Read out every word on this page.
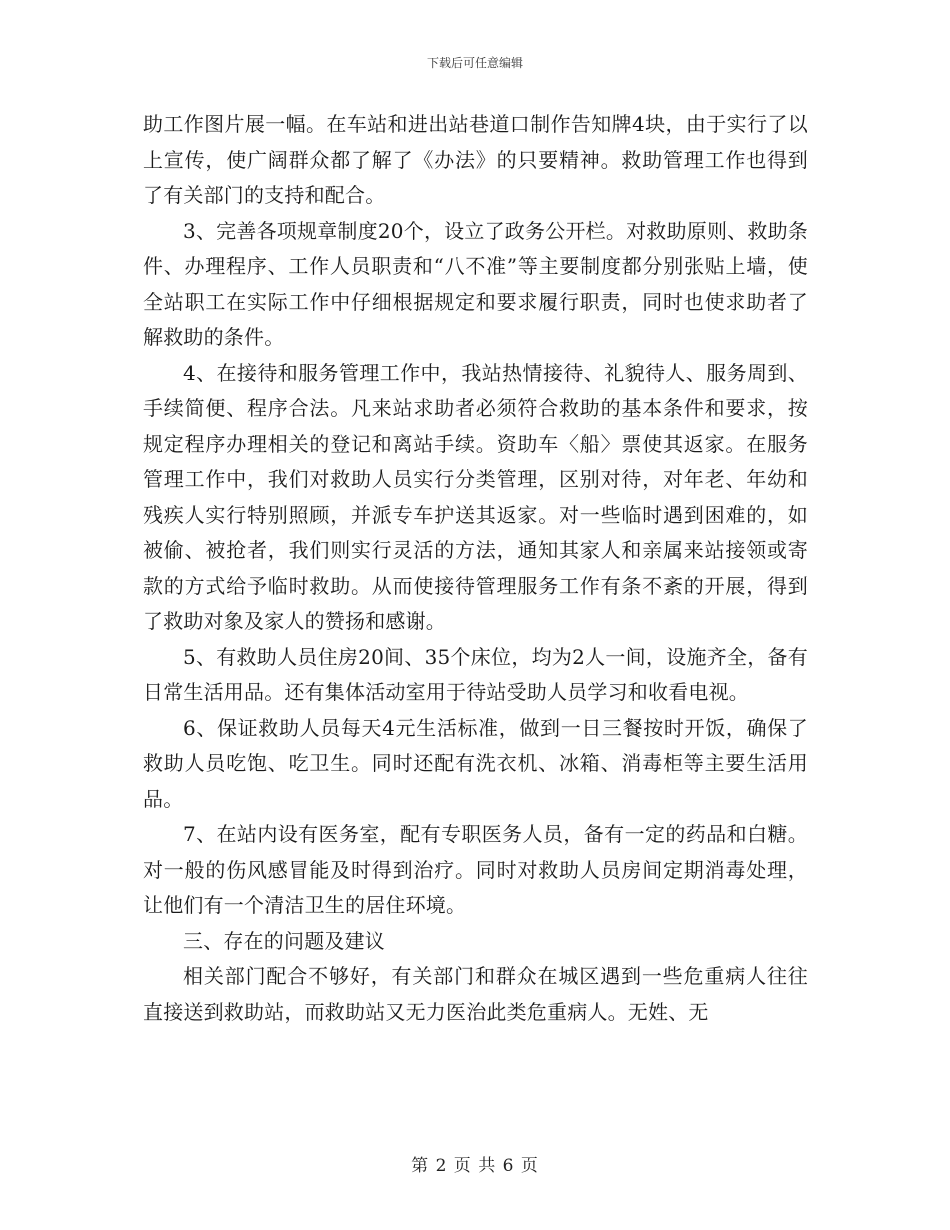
下载后可任意编辑

助工作图片展一幅。在车站和进出站巷道口制作告知牌4块，由于实行了以上宣传，使广阔群众都了解了《办法》的只要精神。救助管理工作也得到了有关部门的支持和配合。

3、完善各项规章制度20个，设立了政务公开栏。对救助原则、救助条件、办理程序、工作人员职责和“八不准”等主要制度都分别张贴上墙，使全站职工在实际工作中仔细根据规定和要求履行职责，同时也使求助者了解救助的条件。

4、在接待和服务管理工作中，我站热情接待、礼貌待人、服务周到、手续简便、程序合法。凡来站求助者必须符合救助的基本条件和要求，按规定程序办理相关的登记和离站手续。资助车〈船〉票使其返家。在服务管理工作中，我们对救助人员实行分类管理，区别对待，对年老、年幼和残疾人实行特别照顾，并派专车护送其返家。对一些临时遇到困难的，如被偷、被抢者，我们则实行灵活的方法，通知其家人和亲属来站接领或寄款的方式给予临时救助。从而使接待管理服务工作有条不紊的开展，得到了救助对象及家人的赞扬和感谢。

5、有救助人员住房20间、35个床位，均为2人一间，设施齐全，备有日常生活用品。还有集体活动室用于待站受助人员学习和收看电视。

6、保证救助人员每天4元生活标准，做到一日三餐按时开饭，确保了救助人员吃饱、吃卫生。同时还配有洗衣机、冰箱、消毒柜等主要生活用品。

7、在站内设有医务室，配有专职医务人员，备有一定的药品和白糖。对一般的伤风感冒能及时得到治疗。同时对救助人员房间定期消毒处理，让他们有一个清洁卫生的居住环境。

三、存在的问题及建议

相关部门配合不够好，有关部门和群众在城区遇到一些危重病人往往直接送到救助站，而救助站又无力医治此类危重病人。无姓、无

第 2 页 共 6 页
